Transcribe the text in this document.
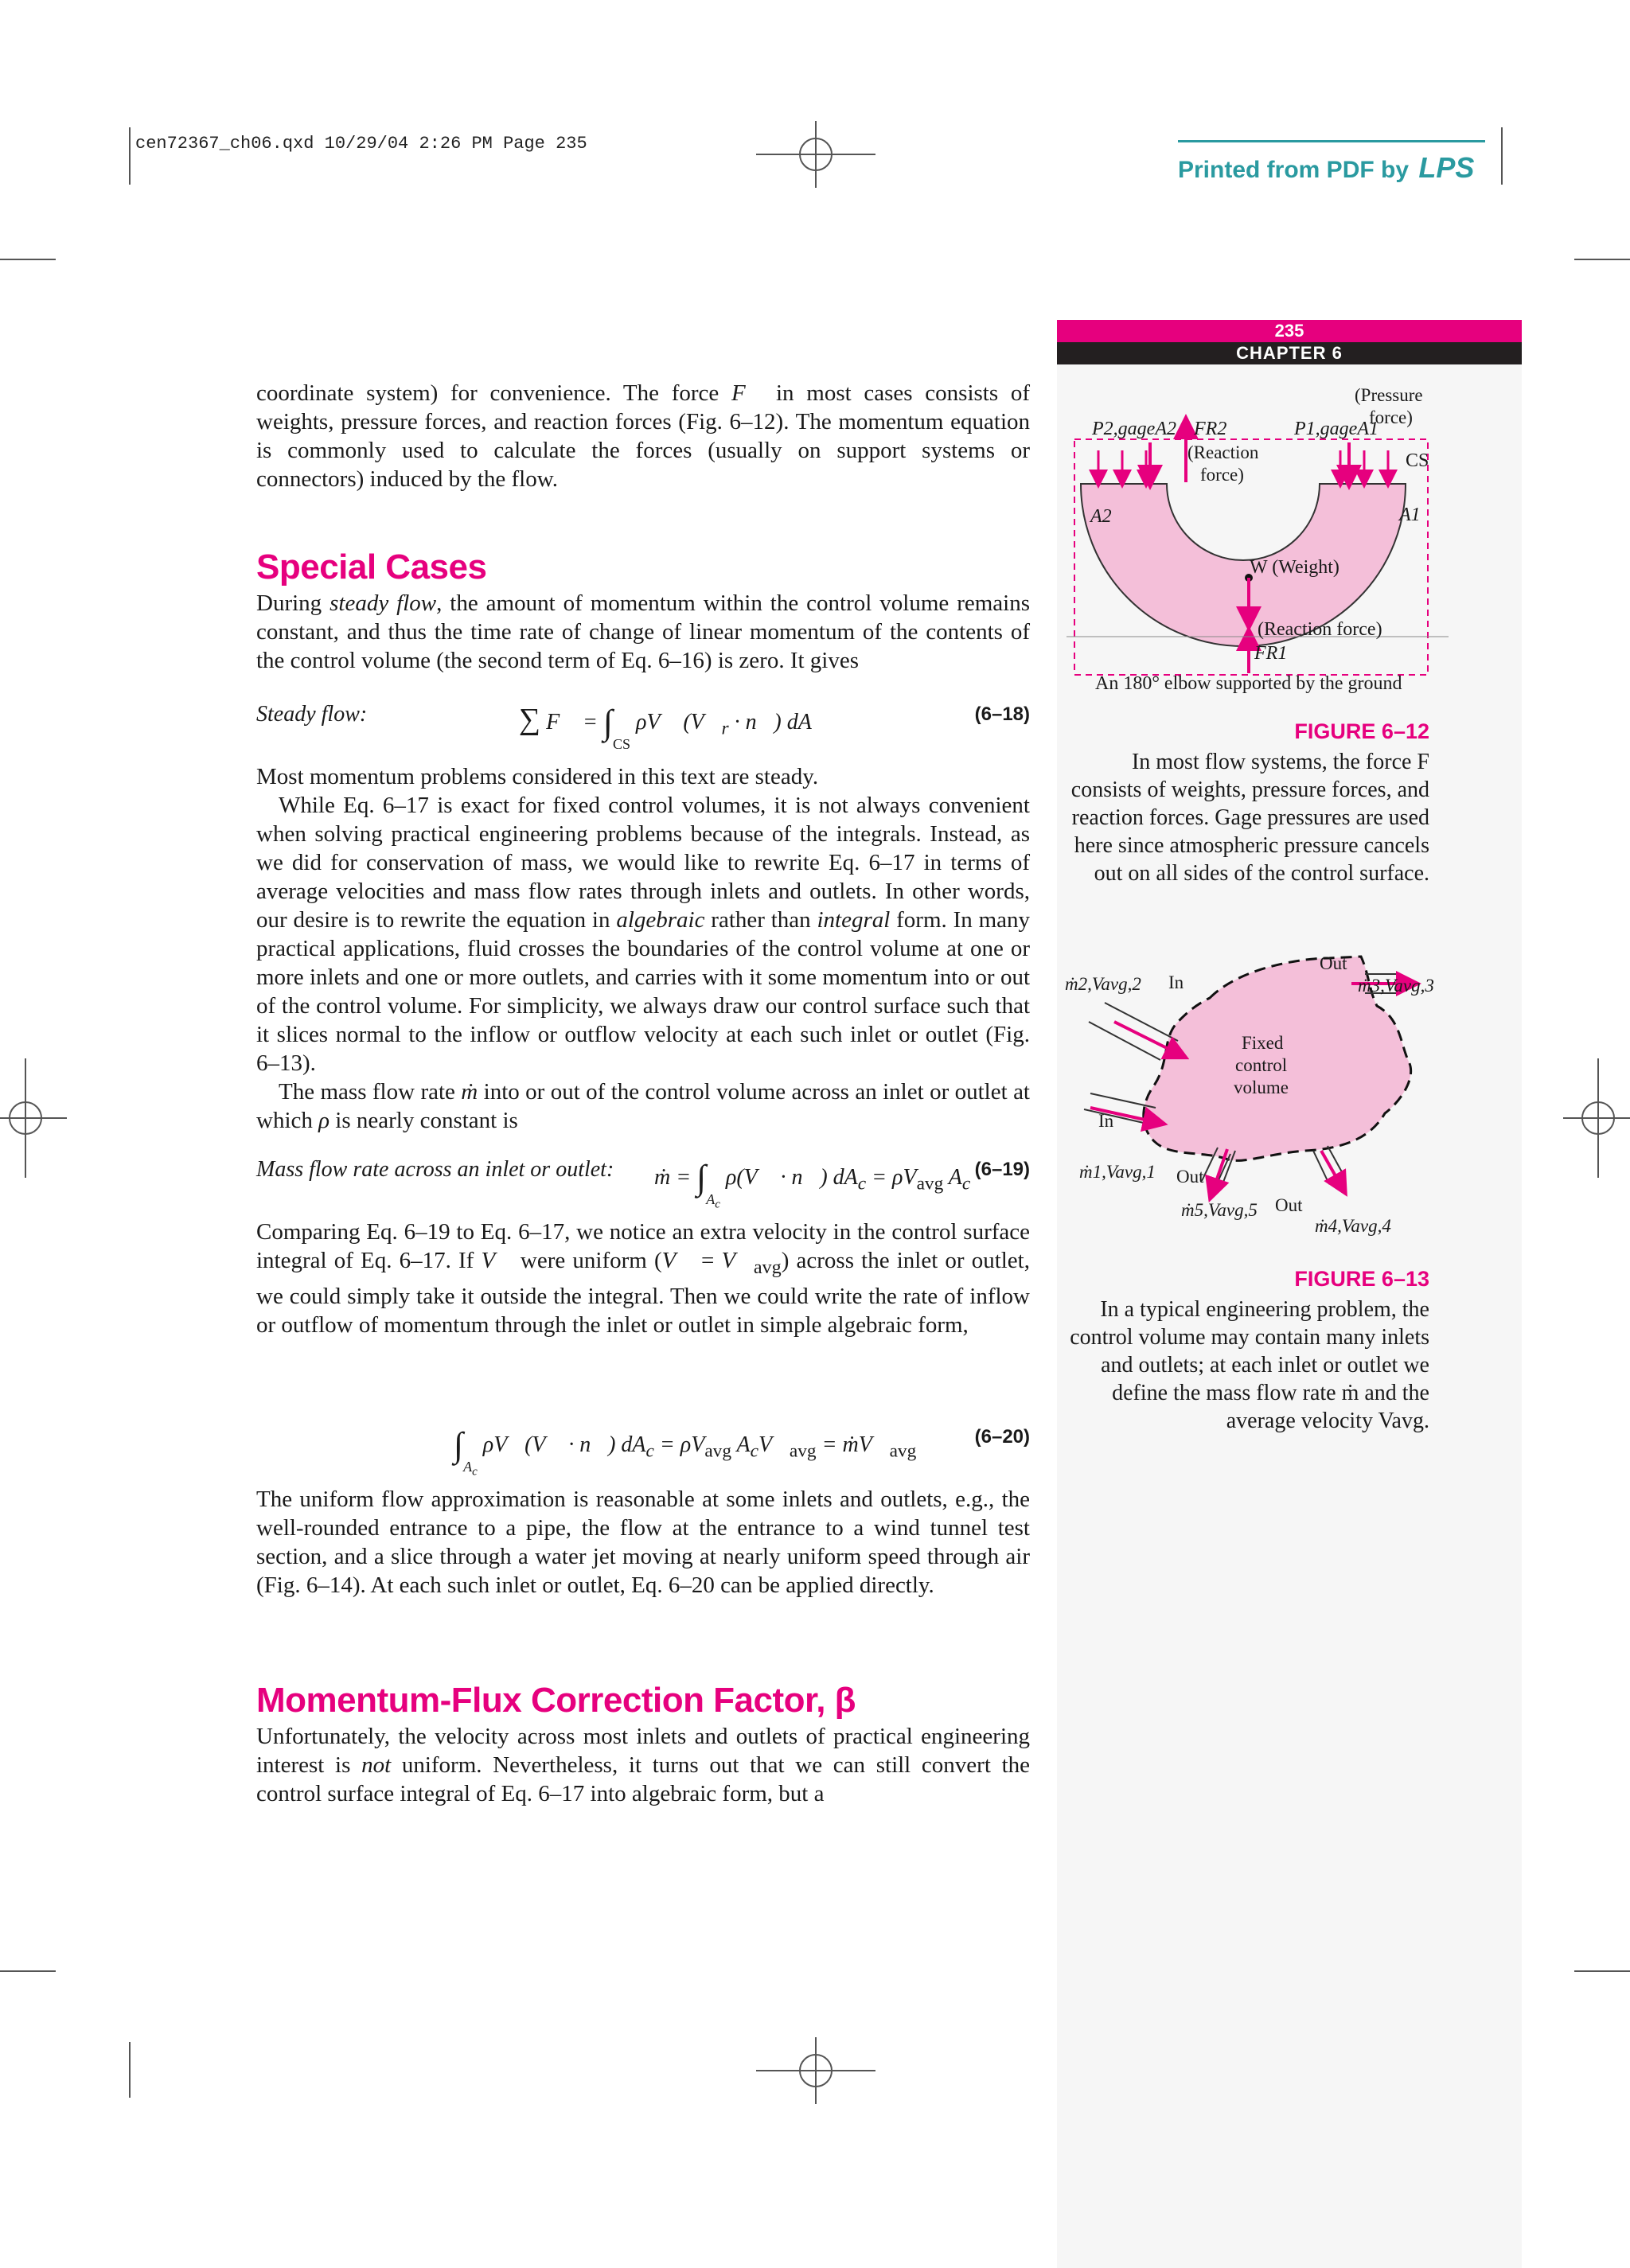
cen72367_ch06.qxd 10/29/04 2:26 PM Page 235
Printed from PDF by LPS
235
CHAPTER 6

coordinate system) for convenience. The force F⃗ in most cases consists of weights, pressure forces, and reaction forces (Fig. 6–12). The momentum equation is commonly used to calculate the forces (usually on support systems or connectors) induced by the flow.

Special Cases

During steady flow, the amount of momentum within the control volume remains constant, and thus the time rate of change of linear momentum of the contents of the control volume (the second term of Eq. 6–16) is zero. It gives

Steady flow:	∑ F⃗ = $\int_{CS}$ ρV⃗ ($V⃗_r$ · n⃗) dA	(6–18)
Most momentum problems considered in this text are steady.

While Eq. 6–17 is exact for fixed control volumes, it is not always convenient when solving practical engineering problems because of the integrals. Instead, as we did for conservation of mass, we would like to rewrite Eq. 6–17 in terms of average velocities and mass flow rates through inlets and outlets. In other words, our desire is to rewrite the equation in algebraic rather than integral form. In many practical applications, fluid crosses the boundaries of the control volume at one or more inlets and one or more outlets, and carries with it some momentum into or out of the control volume. For simplicity, we always draw our control surface such that it slices normal to the inflow or outflow velocity at each such inlet or outlet (Fig. 6–13).

The mass flow rate ṁ into or out of the control volume across an inlet or outlet at which ρ is nearly constant is

Mass flow rate across an inlet or outlet: ṁ = $\int_{A_c}$ ρ(V⃗ · n⃗) $dA_c = \rho V_{avg}$ $A_c$
(6–19)

Comparing Eq. 6–19 to Eq. 6–17, we notice an extra velocity in the control surface integral of Eq. 6–17. If V⃗ were uniform (V⃗ = $V⃗_{avg}$) across the inlet or outlet, we could simply take it outside the integral. Then we could write the rate of inflow or outflow of momentum through the inlet or outlet in simple algebraic form,

$\int_{A_c}$ ρV⃗(V⃗ · n⃗) $dA_c = \rho V_{avg}$ $A_cV⃗_{avg}$ = $ṁV⃗_{avg}$
(6–20)
The uniform flow approximation is reasonable at some inlets and outlets, e.g., the well-rounded entrance to a pipe, the flow at the entrance to a wind tunnel test section, and a slice through a water jet moving at nearly uniform speed through air (Fig. 6–14). At each such inlet or outlet, Eq. 6–20 can be applied directly.
Momentum-Flux Correction Factor, β

Unfortunately, the velocity across most inlets and outlets of practical engineering interest is not uniform. Nevertheless, it turns out that we can still convert the control surface integral of Eq. 6–17 into algebraic form, but a

P2,gageA2 FR2
(Reaction
force)
P1,gageA1
(Pressure
force)
CS
A2	A1
W (Weight)
(Reaction force)
FR1
An 180° elbow supported by the ground
FIGURE 6–12
In most flow systems, the force F consists of weights, pressure forces, and reaction forces. Gage pressures are used here since atmospheric pressure cancels out on all sides of the control surface.
ṁ2,Vavg,2 In
Out
ṁ3,Vavg,3
Fixed
control
volume
In
ṁ1,Vavg,1 Out
ṁ5,Vavg,5 Out
ṁ4,Vavg,4
FIGURE 6–13
In a typical engineering problem, the control volume may contain many inlets and outlets; at each inlet or outlet we define the mass flow rate ṁ and the average velocity Vavg.
